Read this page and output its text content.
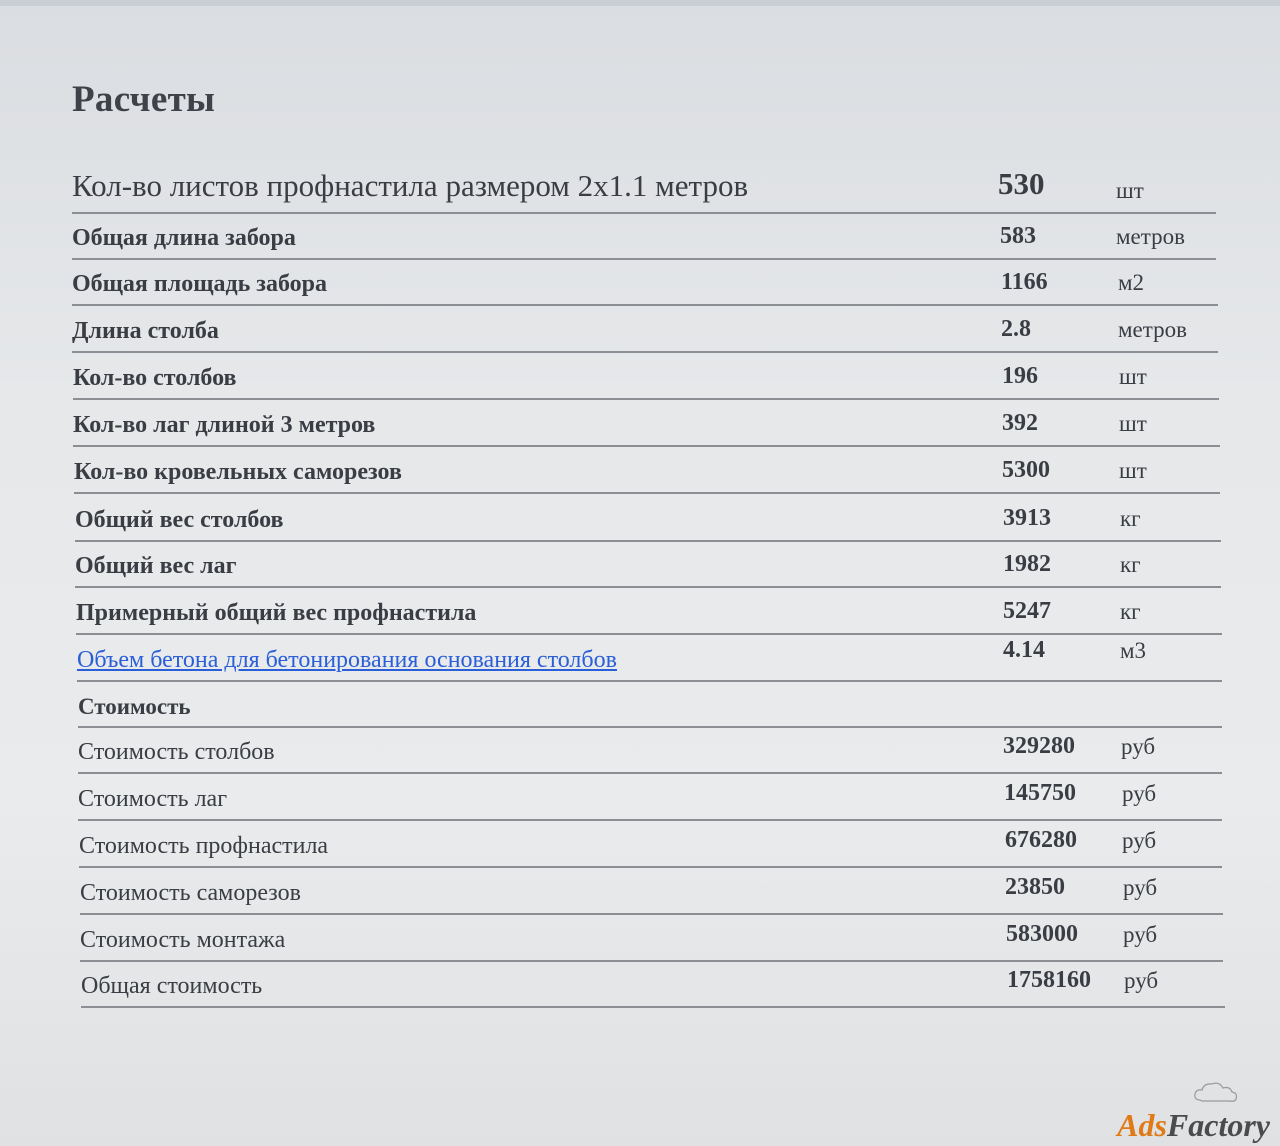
Расчеты
Кол-во листов профнастила размером 2x1.1 метров	530	шт
Общая длина забора	583	метров
Общая площадь забора	1166	м2
Длина столба	2.8	метров
Кол-во столбов	196	шт
Кол-во лаг длиной 3 метров	392	шт
Кол-во кровельных саморезов	5300	шт
Общий вес столбов	3913	кг
Общий вес лаг	1982	кг
Примерный общий вес профнастила	5247	кг
Объем бетона для бетонирования основания столбов	4.14	м3
Стоимость
Стоимость столбов	329280 руб
Стоимость лаг	145750 руб
Стоимость профнастила	676280 руб
Стоимость саморезов	23850	руб
Стоимость монтажа	583000 руб
Общая стоимость	1758160 руб
Ads Factory
